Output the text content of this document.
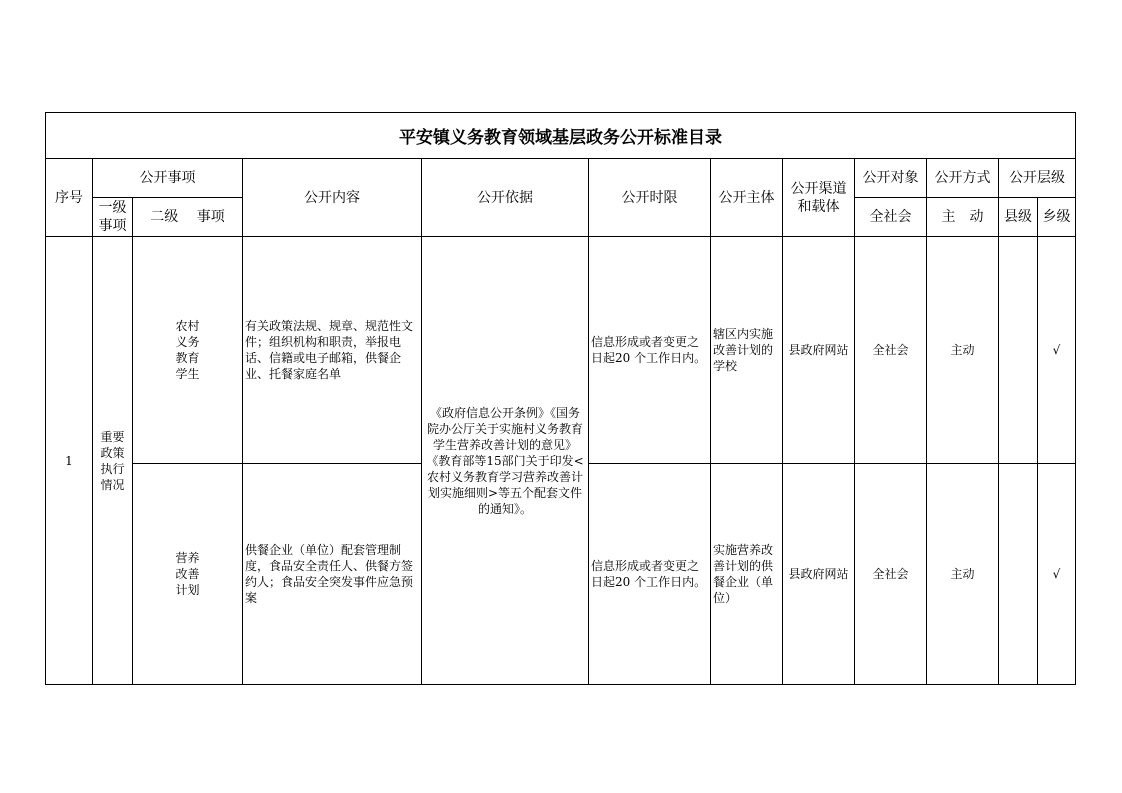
平安镇义务教育领域基层政务公开标准目录											
序号	公开事项		公开内容	公开依据	公开时限	公开主体	公开渠道和载体	公开对象	公开方式	公开层级	

	一级事项	二级　 事项						全社会	主　动	县级	乡级
1	重要政策执行情况	农村义务教育学生	有关政策法规、规章、规范性文件；组织机构和职责，举报电话、信籍或电子邮箱，供餐企业、托餐家庭名单	《政府信息公开条例》《国务院办公厅关于实施村义务教育学生营养改善计划的意见》《教育部等15部门关于印发<农村义务教育学习营养改善计划实施细则>等五个配套文件的通知》。	信息形成或者变更之日起20 个工作日内。	辖区内实施改善计划的学校	县政府网站	全社会	主动		√

		营养改善计划	供餐企业（单位）配套管理制度，食品安全责任人、供餐方签约人；食品安全突发事件应急预案		信息形成或者变更之日起20 个工作日内。	实施营养改善计划的供餐企业（单位）	县政府网站	全社会	主动		√
